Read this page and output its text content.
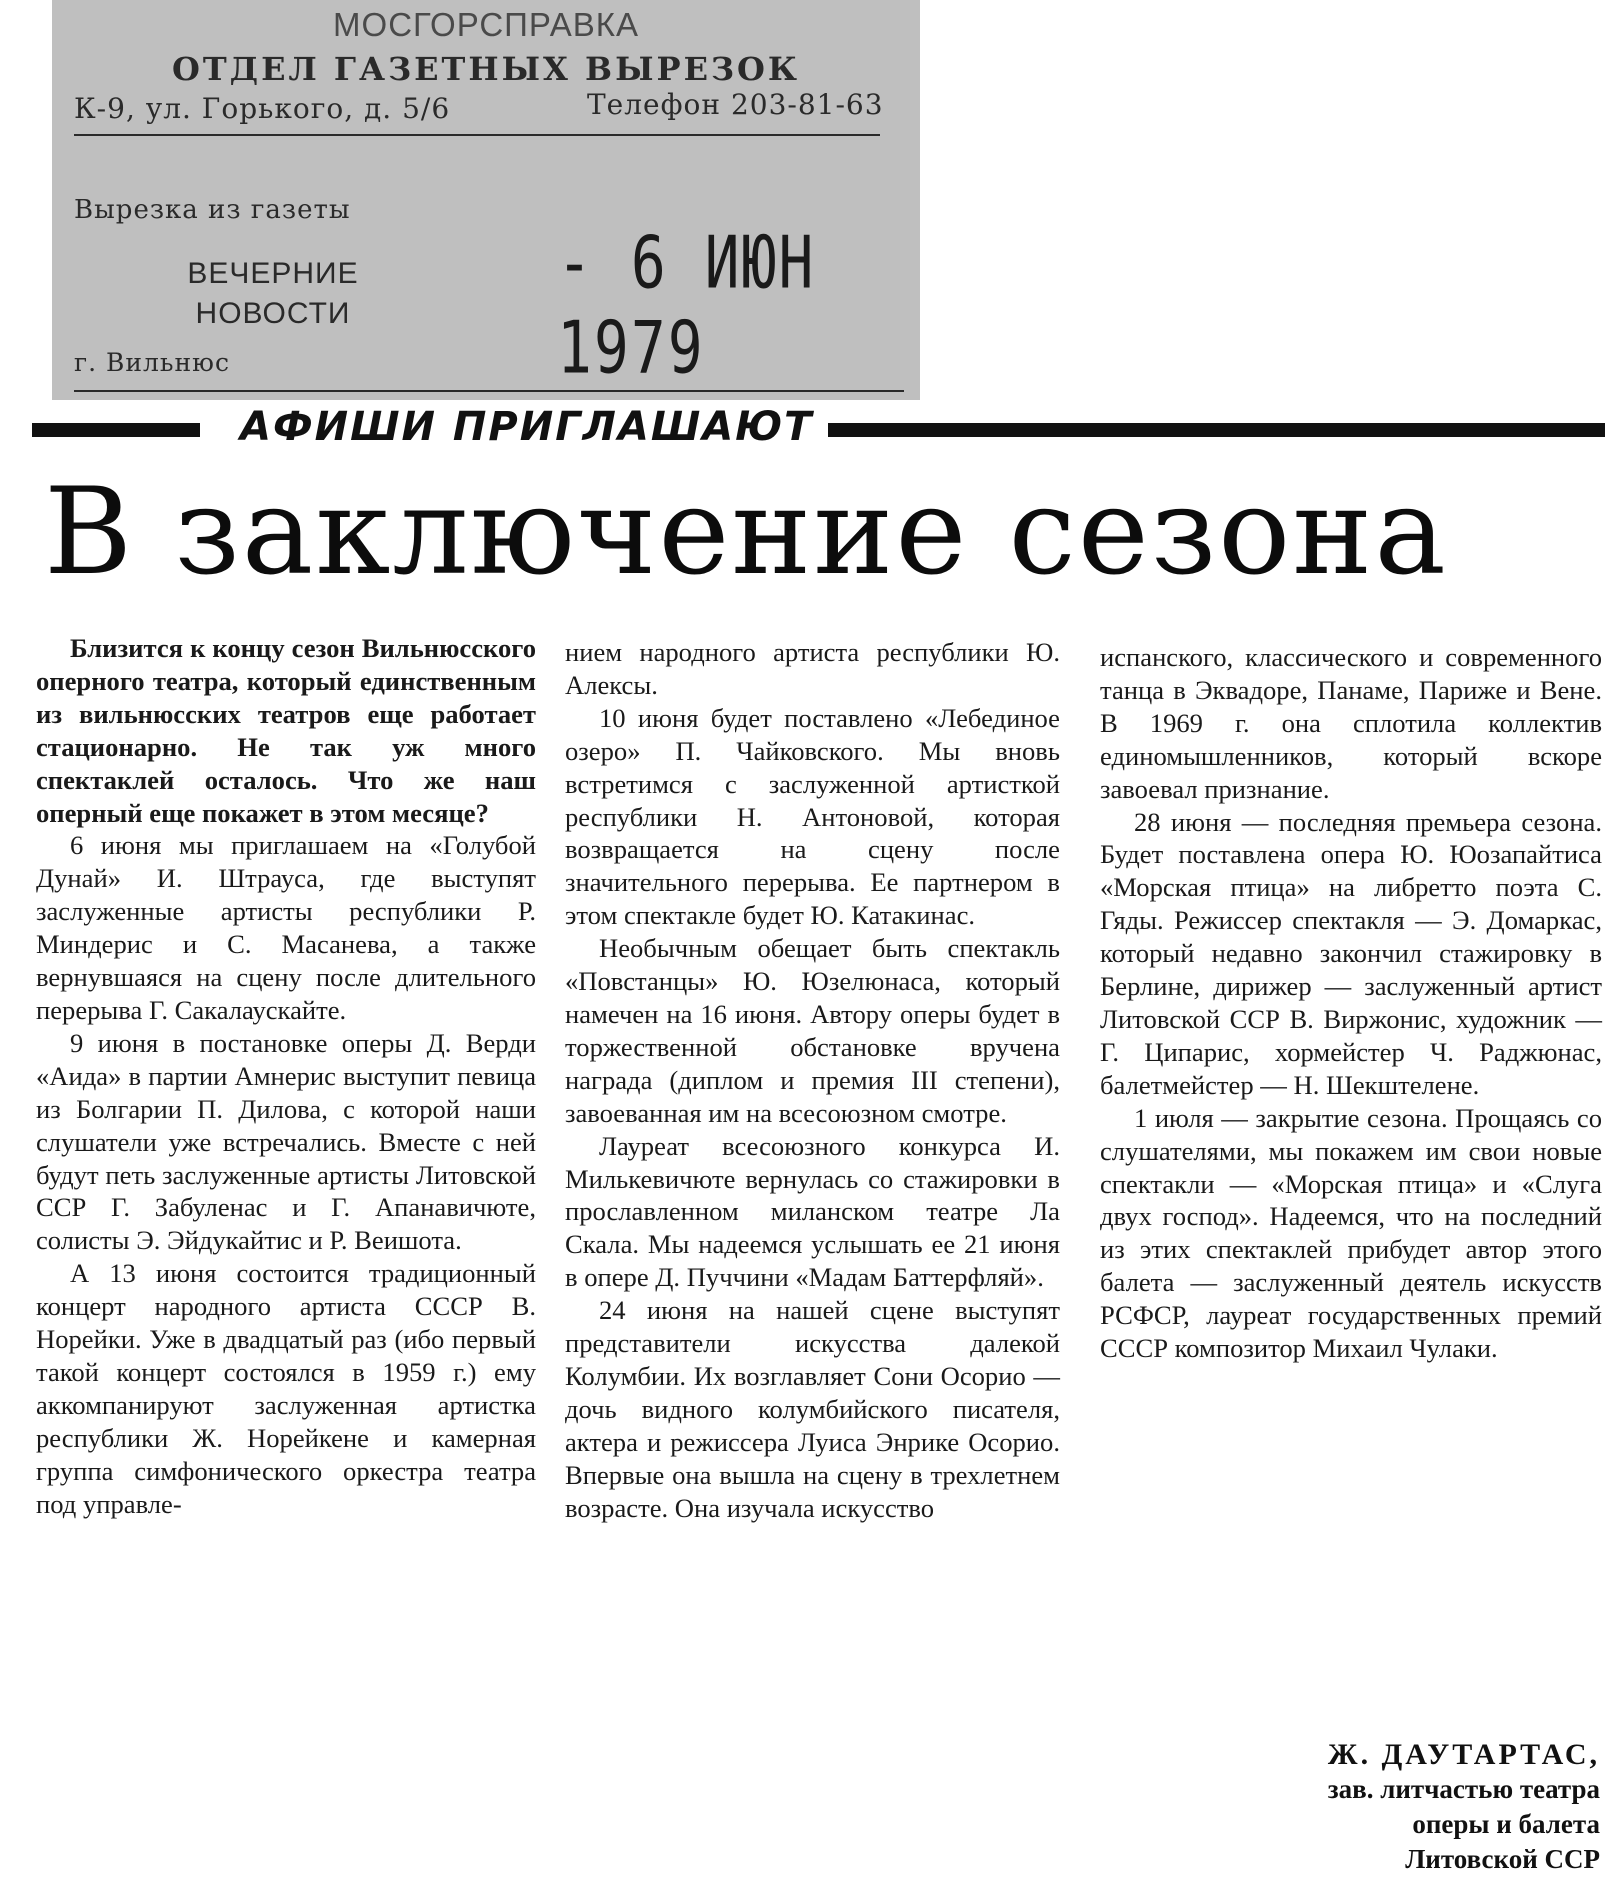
МОСГОРСПРАВКА
ОТДЕЛ ГАЗЕТНЫХ ВЫРЕЗОК
К-9, ул. Горького, д. 5/6	Телефон 203-81-63
Вырезка из газеты
ВЕЧЕРНИЕ
НОВОСТИ
- 6 ИЮН 1979
г. Вильнюс
АФИШИ ПРИГЛАШАЮТ
В заключение сезона

Близится к концу сезон Вильнюсского оперного театра, который единственным из вильнюсских театров еще работает стационарно. Не так уж много спектаклей осталось. Что же наш оперный еще покажет в этом месяце?

6 июня мы приглашаем на «Голубой Дунай» И. Штрауса, где выступят заслуженные артисты республики Р. Миндерис и С. Масанева, а также вернувшаяся на сцену после длительного перерыва Г. Сакалаускайте.

9 июня в постановке оперы Д. Верди «Аида» в партии Амнерис выступит певица из Болгарии П. Дилова, с которой наши слушатели уже встречались. Вместе с ней будут петь заслуженные артисты Литовской ССР Г. Забуленас и Г. Апанавичюте, солисты Э. Эйдукайтис и Р. Веишота.

А 13 июня состоится традиционный концерт народного артиста СССР В. Норейки. Уже в двадцатый раз (ибо первый такой концерт состоялся в 1959 г.) ему аккомпанируют заслуженная артистка республики Ж. Норейкене и камерная группа симфонического оркестра театра под управле-

нием народного артиста республики Ю. Алексы.

10 июня будет поставлено «Лебединое озеро» П. Чайковского. Мы вновь встретимся с заслуженной артисткой республики Н. Антоновой, которая возвращается на сцену после значительного перерыва. Ее партнером в этом спектакле будет Ю. Катакинас.

Необычным обещает быть спектакль «Повстанцы» Ю. Юзелюнаса, который намечен на 16 июня. Автору оперы будет в торжественной обстановке вручена награда (диплом и премия III степени), завоеванная им на всесоюзном смотре.

Лауреат всесоюзного конкурса И. Милькевичюте вернулась со стажировки в прославленном миланском театре Ла Скала. Мы надеемся услышать ее 21 июня в опере Д. Пуччини «Мадам Баттерфляй».

24 июня на нашей сцене выступят представители искусства далекой Колумбии. Их возглавляет Сони Осорио — дочь видного колумбийского писателя, актера и режиссера Луиса Энрике Осорио. Впервые она вышла на сцену в трехлетнем возрасте. Она изучала искусство

испанского, классического и современного танца в Эквадоре, Панаме, Париже и Вене. В 1969 г. она сплотила коллектив единомышленников, который вскоре завоевал признание.

28 июня — последняя премьера сезона. Будет поставлена опера Ю. Юозапайтиса «Морская птица» на либретто поэта С. Гяды. Режиссер спектакля — Э. Домаркас, который недавно закончил стажировку в Берлине, дирижер — заслуженный артист Литовской ССР В. Виржонис, художник — Г. Ципарис, хормейстер Ч. Раджюнас, балетмейстер — Н. Шекштелене.

1 июля — закрытие сезона. Прощаясь со слушателями, мы покажем им свои новые спектакли — «Морская птица» и «Слуга двух господ». Надеемся, что на последний из этих спектаклей прибудет автор этого балета — заслуженный деятель искусств РСФСР, лауреат государственных премий СССР композитор Михаил Чулаки.

Ж. ДАУТАРТАС,
зав. литчастью театра
оперы и балета
Литовской ССР
